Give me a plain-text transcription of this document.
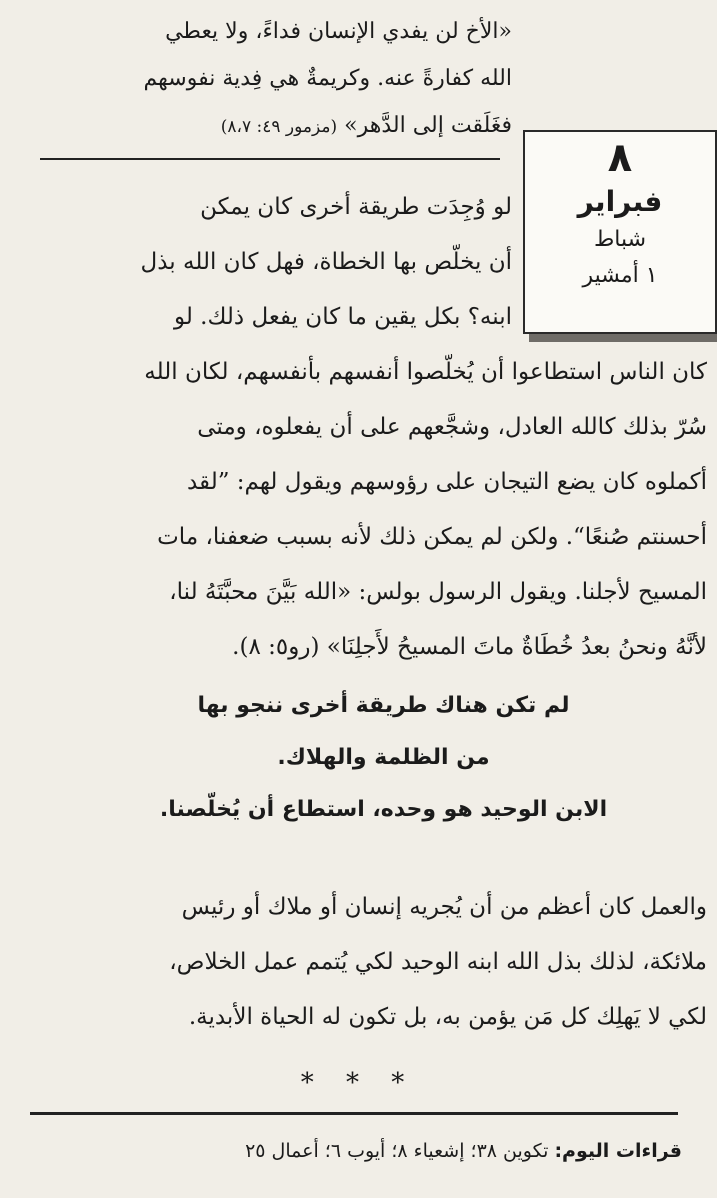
«الأخ لن يفدي الإنسان فداءً، ولا يعطي
الله كفارةً عنه. وكريمةٌ هي فِدية نفوسهم
فغَلَقت إلى الدَّهر» (مزمور ٤٩: ٨،٧)
٨
فبراير
شباط
١ أمشير
لو وُجِدَت طريقة أخرى كان يمكن
أن يخلّص بها الخطاة، فهل كان الله بذل
ابنه؟ بكل يقين ما كان يفعل ذلك. لو
كان الناس استطاعوا أن يُخلّصوا أنفسهم بأنفسهم، لكان الله
سُرّ بذلك كالله العادل، وشجَّعهم على أن يفعلوه، ومتى
أكملوه كان يضع التيجان على رؤوسهم ويقول لهم: ”لقد
أحسنتم صُنعًا“. ولكن لم يمكن ذلك لأنه بسبب ضعفنا، مات
المسيح لأجلنا. ويقول الرسول بولس: «الله بَيَّنَ محبَّتَهُ لنا،
لأنَّهُ ونحنُ بعدُ خُطَاةٌ ماتَ المسيحُ لأَجلِنَا» (رو٥: ٨).
لم تكن هناك طريقة أخرى ننجو بها
من الظلمة والهلاك.
الابن الوحيد هو وحده، استطاع أن يُخلّصنا.
والعمل كان أعظم من أن يُجريه إنسان أو ملاك أو رئيس
ملائكة، لذلك بذل الله ابنه الوحيد لكي يُتمم عمل الخلاص،
لكي لا يَهلِك كل مَن يؤمن به، بل تكون له الحياة الأبدية.
* * *
قراءات اليوم: تكوين ٣٨؛ إشعياء ٨؛ أيوب ٦؛ أعمال ٢٥
